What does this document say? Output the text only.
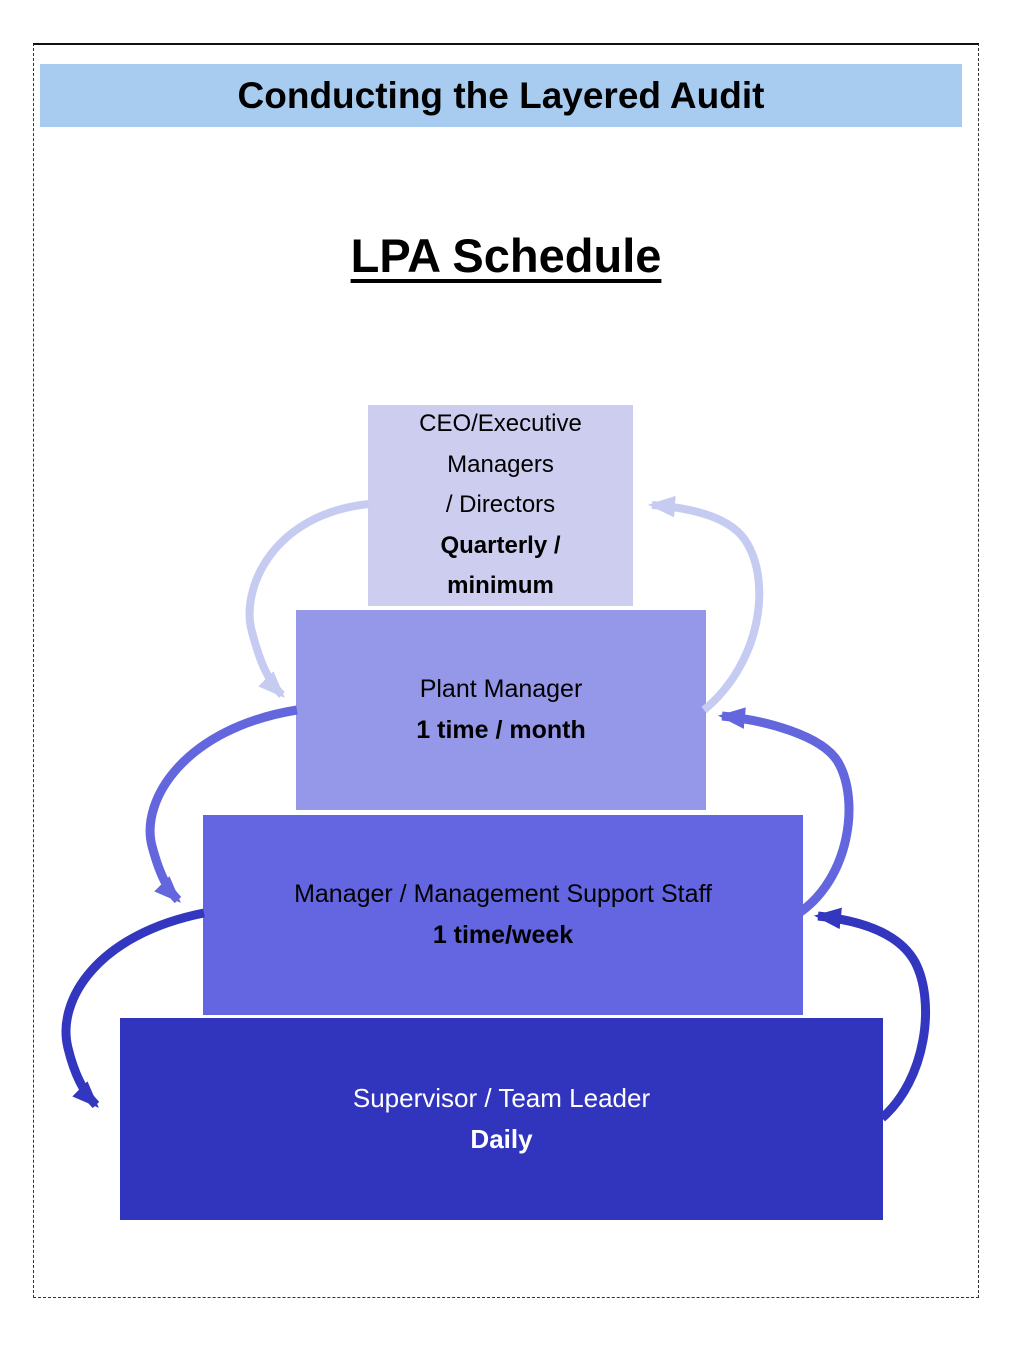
Conducting the Layered Audit
LPA Schedule
CEO/Executive
Managers
/ Directors
Quarterly /
minimum
Plant Manager
1 time / month
Manager / Management Support Staff
1 time/week
Supervisor / Team Leader
Daily
